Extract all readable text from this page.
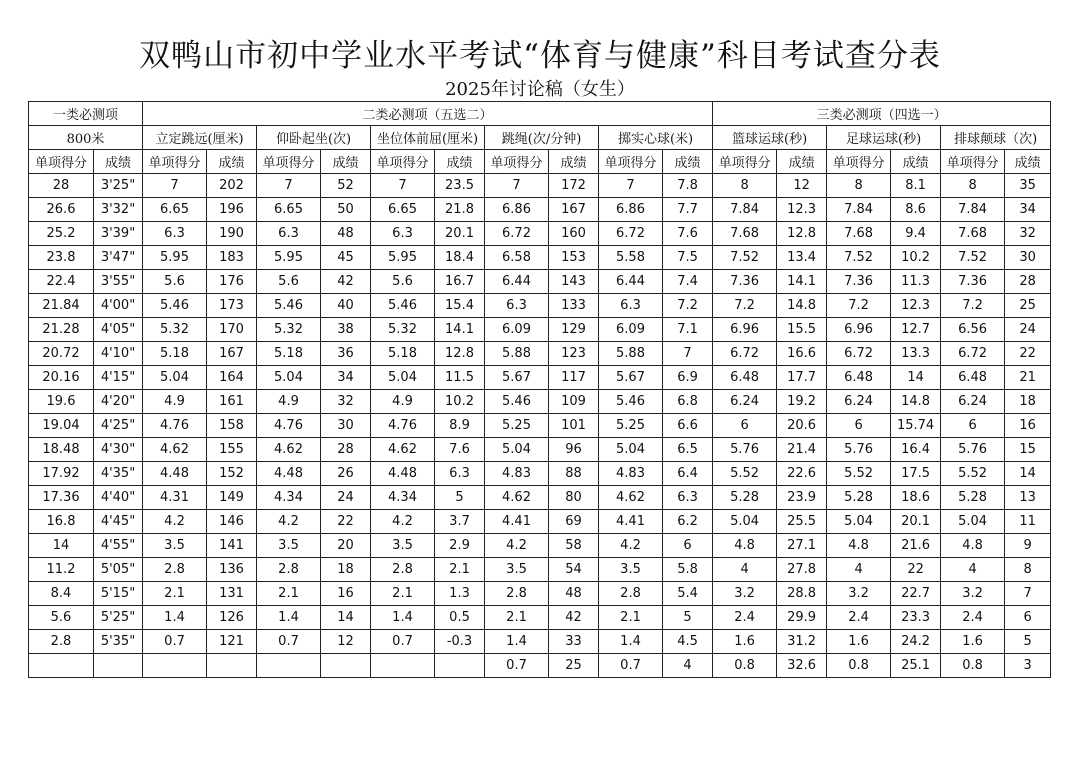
双鸭山市初中学业水平考试“体育与健康”科目考试查分表
2025年讨论稿（女生）
一类必测项		二类必测项（五选二）										三类必测项（四选一）					
800米		立定跳远(厘米)		仰卧起坐(次)		坐位体前屈(厘米)		跳绳(次/分钟)		掷实心球(米)		篮球运球(秒)		足球运球(秒)		排球颠球（次)	
单项得分	成绩	单项得分	成绩	单项得分	成绩	单项得分	成绩	单项得分	成绩	单项得分	成绩	单项得分	成绩	单项得分	成绩	单项得分	成绩
28	3'25"	7	202	7	52	7	23.5	7	172	7	7.8	8	12	8	8.1	8	35
26.6	3'32"	6.65	196	6.65	50	6.65	21.8	6.86	167	6.86	7.7	7.84	12.3	7.84	8.6	7.84	34
25.2	3'39"	6.3	190	6.3	48	6.3	20.1	6.72	160	6.72	7.6	7.68	12.8	7.68	9.4	7.68	32
23.8	3'47"	5.95	183	5.95	45	5.95	18.4	6.58	153	5.58	7.5	7.52	13.4	7.52	10.2	7.52	30
22.4	3'55"	5.6	176	5.6	42	5.6	16.7	6.44	143	6.44	7.4	7.36	14.1	7.36	11.3	7.36	28
21.84	4'00"	5.46	173	5.46	40	5.46	15.4	6.3	133	6.3	7.2	7.2	14.8	7.2	12.3	7.2	25
21.28	4'05"	5.32	170	5.32	38	5.32	14.1	6.09	129	6.09	7.1	6.96	15.5	6.96	12.7	6.56	24
20.72	4'10"	5.18	167	5.18	36	5.18	12.8	5.88	123	5.88	7	6.72	16.6	6.72	13.3	6.72	22
20.16	4'15"	5.04	164	5.04	34	5.04	11.5	5.67	117	5.67	6.9	6.48	17.7	6.48	14	6.48	21
19.6	4'20"	4.9	161	4.9	32	4.9	10.2	5.46	109	5.46	6.8	6.24	19.2	6.24	14.8	6.24	18
19.04	4'25"	4.76	158	4.76	30	4.76	8.9	5.25	101	5.25	6.6	6	20.6	6	15.74	6	16
18.48	4'30"	4.62	155	4.62	28	4.62	7.6	5.04	96	5.04	6.5	5.76	21.4	5.76	16.4	5.76	15
17.92	4'35"	4.48	152	4.48	26	4.48	6.3	4.83	88	4.83	6.4	5.52	22.6	5.52	17.5	5.52	14
17.36	4'40"	4.31	149	4.34	24	4.34	5	4.62	80	4.62	6.3	5.28	23.9	5.28	18.6	5.28	13
16.8	4'45"	4.2	146	4.2	22	4.2	3.7	4.41	69	4.41	6.2	5.04	25.5	5.04	20.1	5.04	11
14	4'55"	3.5	141	3.5	20	3.5	2.9	4.2	58	4.2	6	4.8	27.1	4.8	21.6	4.8	9
11.2	5'05"	2.8	136	2.8	18	2.8	2.1	3.5	54	3.5	5.8	4	27.8	4	22	4	8
8.4	5'15"	2.1	131	2.1	16	2.1	1.3	2.8	48	2.8	5.4	3.2	28.8	3.2	22.7	3.2	7
5.6	5'25"	1.4	126	1.4	14	1.4	0.5	2.1	42	2.1	5	2.4	29.9	2.4	23.3	2.4	6
2.8	5'35"	0.7	121	0.7	12	0.7	-0.3	1.4	33	1.4	4.5	1.6	31.2	1.6	24.2	1.6	5
								0.7	25	0.7	4	0.8	32.6	0.8	25.1	0.8	3
